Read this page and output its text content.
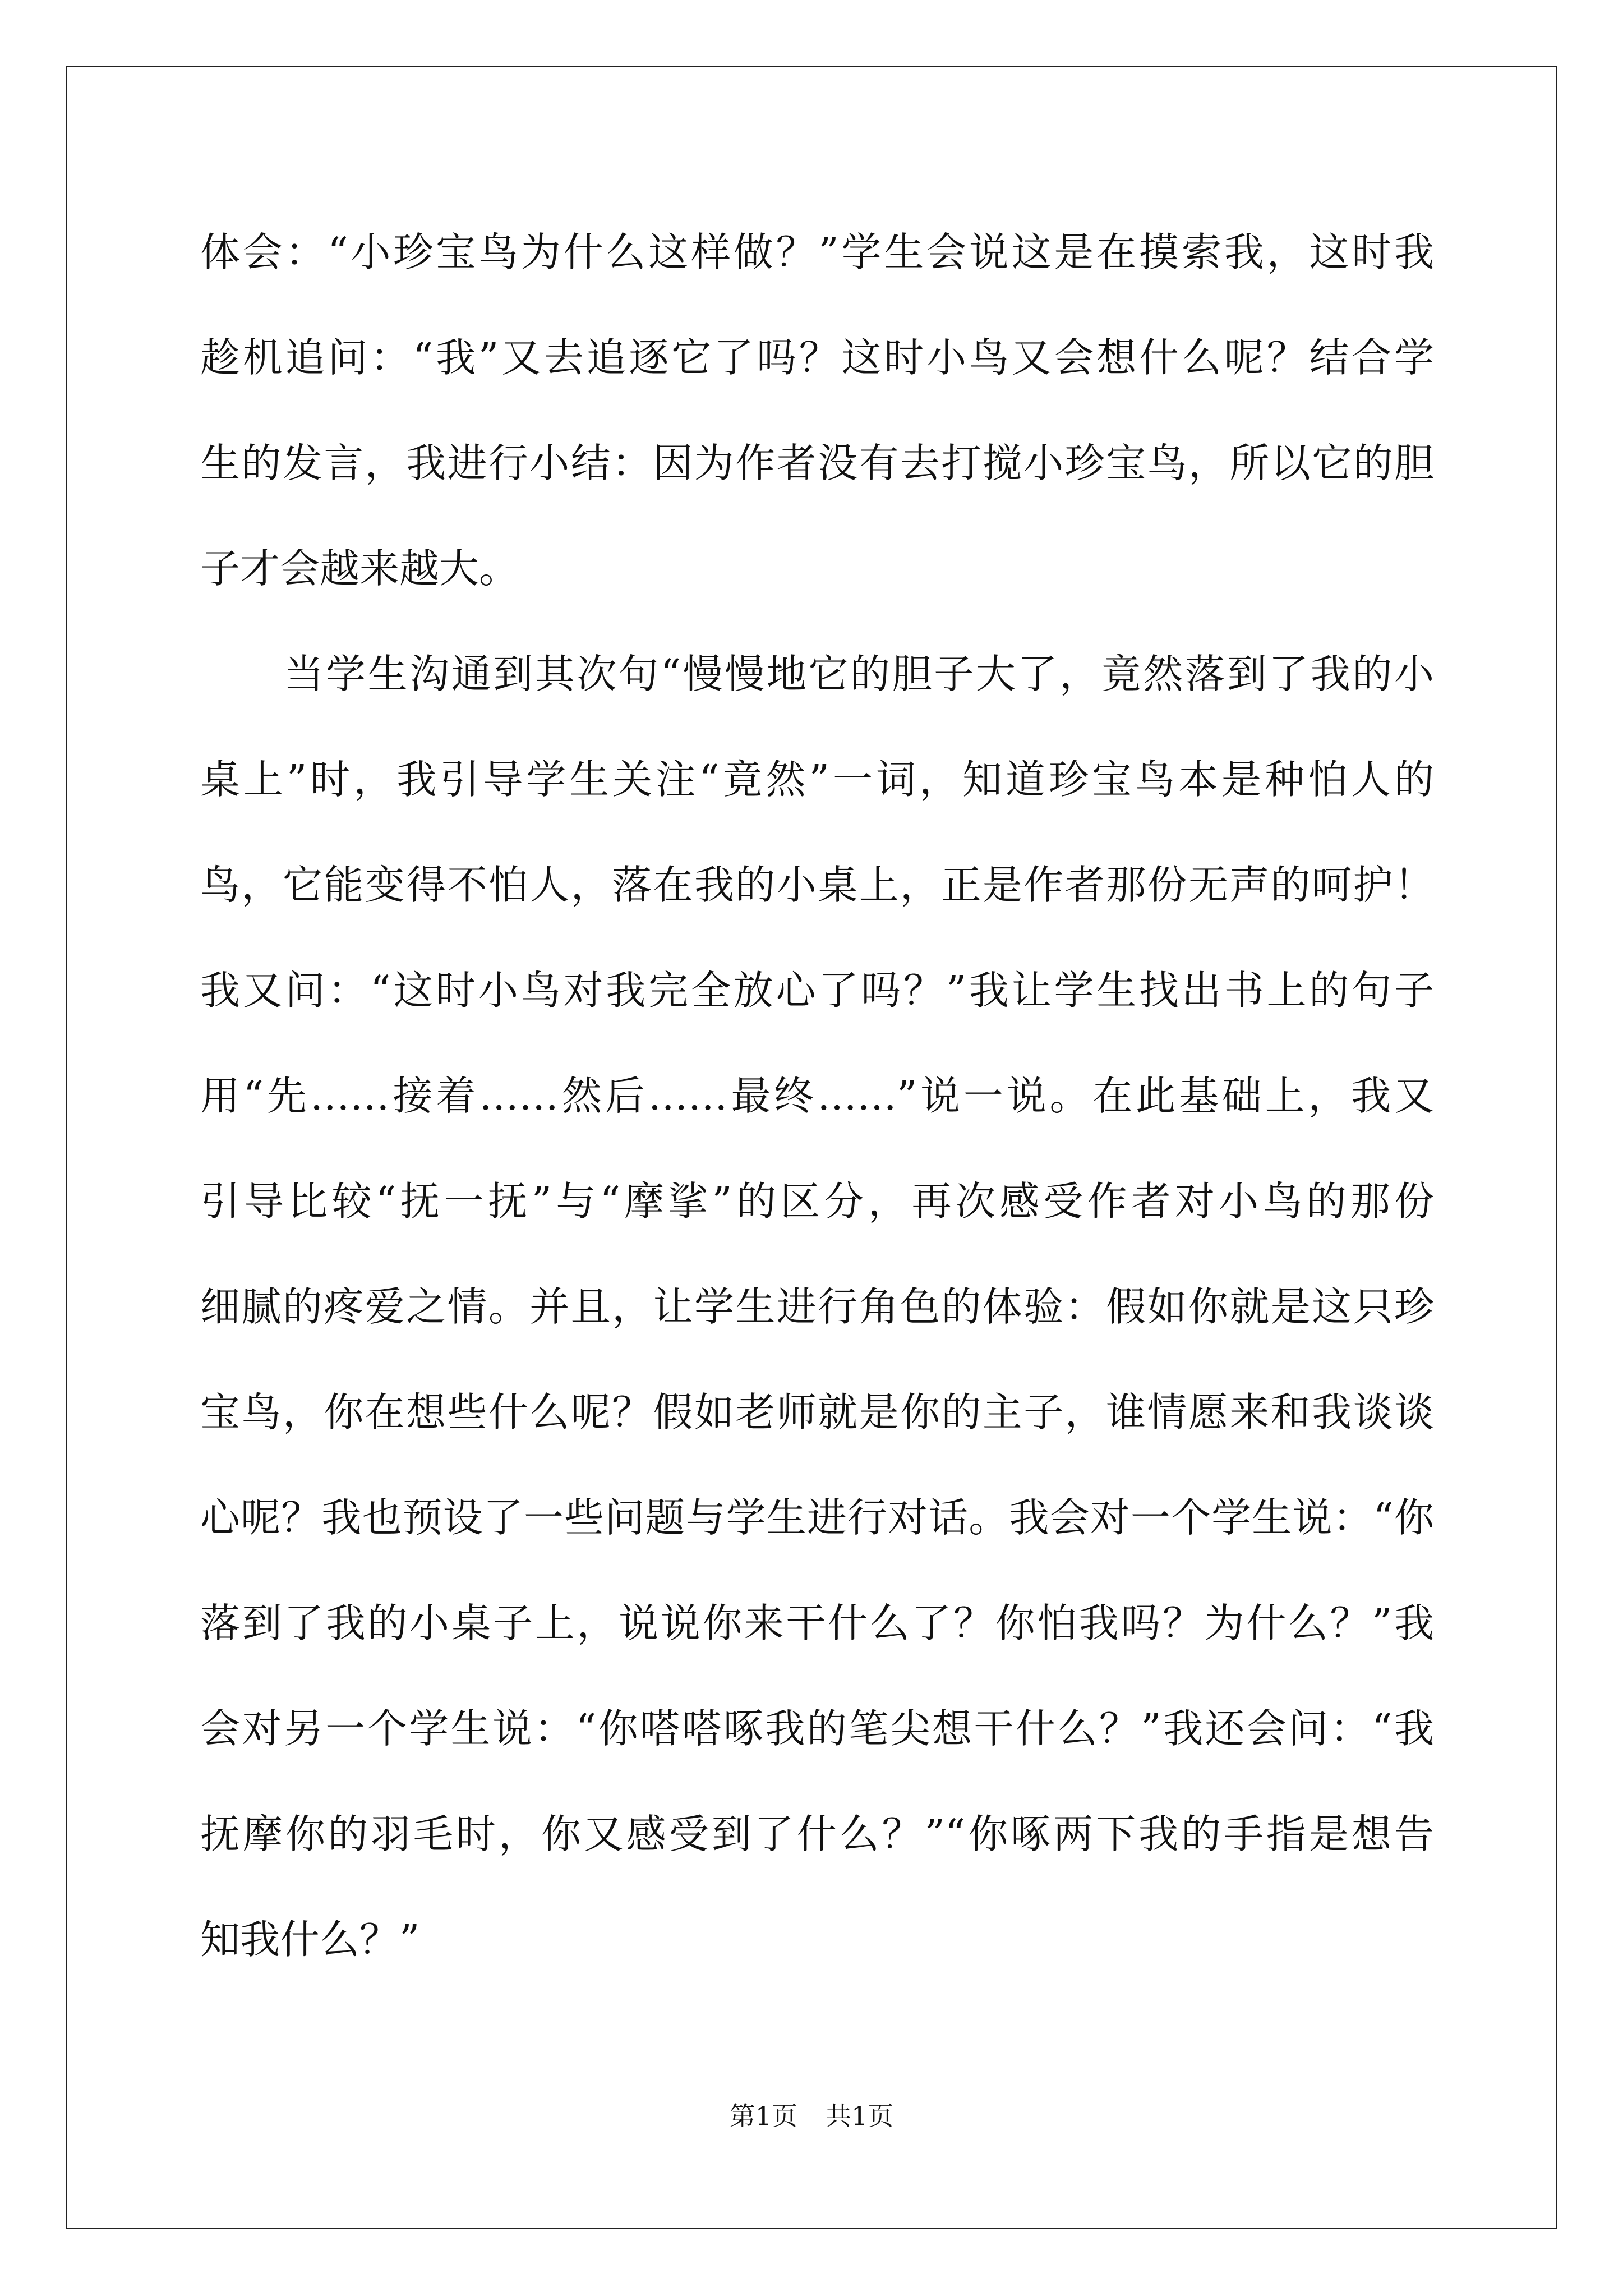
体会：“小珍宝鸟为什么这样做？”学生会说这是在摸索我，这时我
趁机追问：“我”又去追逐它了吗？这时小鸟又会想什么呢？结合学
生的发言，我进行小结：因为作者没有去打搅小珍宝鸟，所以它的胆
子才会越来越大。
　　当学生沟通到其次句“慢慢地它的胆子大了，竟然落到了我的小
桌上”时，我引导学生关注“竟然”一词，知道珍宝鸟本是种怕人的
鸟，它能变得不怕人，落在我的小桌上，正是作者那份无声的呵护！
我又问：“这时小鸟对我完全放心了吗？”我让学生找出书上的句子
用“先……接着……然后……最终……”说一说。在此基础上，我又
引导比较“抚一抚”与“摩挲”的区分，再次感受作者对小鸟的那份
细腻的疼爱之情。并且，让学生进行角色的体验：假如你就是这只珍
宝鸟，你在想些什么呢？假如老师就是你的主子，谁情愿来和我谈谈
心呢？我也预设了一些问题与学生进行对话。我会对一个学生说：“你
落到了我的小桌子上，说说你来干什么了？你怕我吗？为什么？”我
会对另一个学生说：“你嗒嗒啄我的笔尖想干什么？”我还会问：“我
抚摩你的羽毛时，你又感受到了什么？”“你啄两下我的手指是想告
知我什么？”
第1页 共1页
